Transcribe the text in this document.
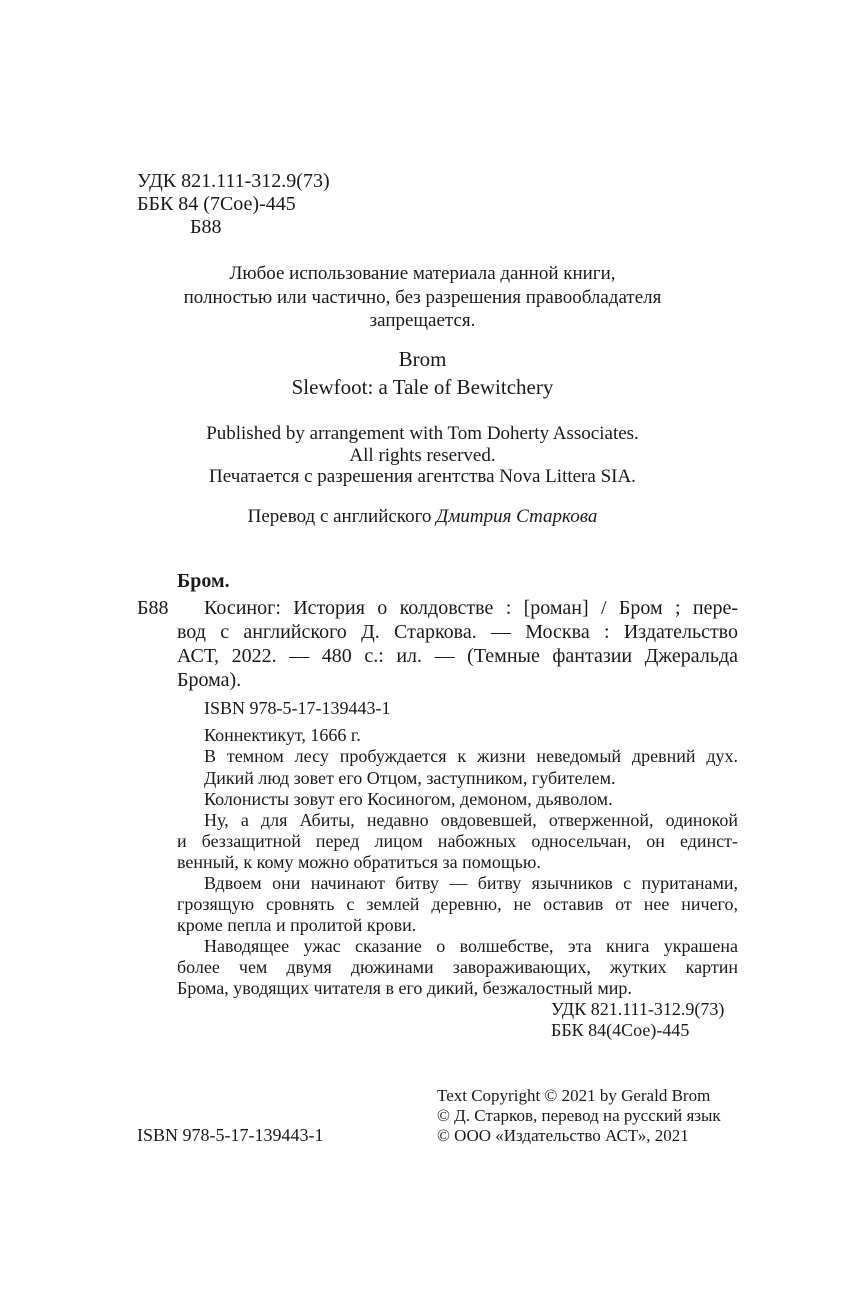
УДК 821.111-312.9(73)
ББК 84 (7Сое)-445
Б88
Любое использование материала данной книги,
полностью или частично, без разрешения правообладателя
запрещается.
Brom
Slewfoot: a Tale of Bewitchery
Published by arrangement with Tom Doherty Associates.
All rights reserved.
Печатается с разрешения агентства Nova Littera SIA.
Перевод с английского Дмитрия Старкова
Бром.
Б88 Косиног: История о колдовстве : [роман] / Бром ; пере-
вод с английского Д. Старкова. — Москва : Издательство
АСТ, 2022. — 480 с.: ил. — (Темные фантазии Джеральда
Брома).
ISBN 978-5-17-139443-1
Коннектикут, 1666 г.
В темном лесу пробуждается к жизни неведомый древний дух.
Дикий люд зовет его Отцом, заступником, губителем.
Колонисты зовут его Косиногом, демоном, дьяволом.
Ну, а для Абиты, недавно овдовевшей, отверженной, одинокой
и беззащитной перед лицом набожных односельчан, он единст-
венный, к кому можно обратиться за помощью.
Вдвоем они начинают битву — битву язычников с пуританами,
грозящую сровнять с землей деревню, не оставив от нее ничего,
кроме пепла и пролитой крови.
Наводящее ужас сказание о волшебстве, эта книга украшена
более чем двумя дюжинами завораживающих, жутких картин
Брома, уводящих читателя в его дикий, безжалостный мир.
УДК 821.111-312.9(73)
ББК 84(4Сое)-445
Text Copyright © 2021 by Gerald Brom
© Д. Старков, перевод на русский язык
© ООО «Издательство АСТ», 2021
ISBN 978-5-17-139443-1
